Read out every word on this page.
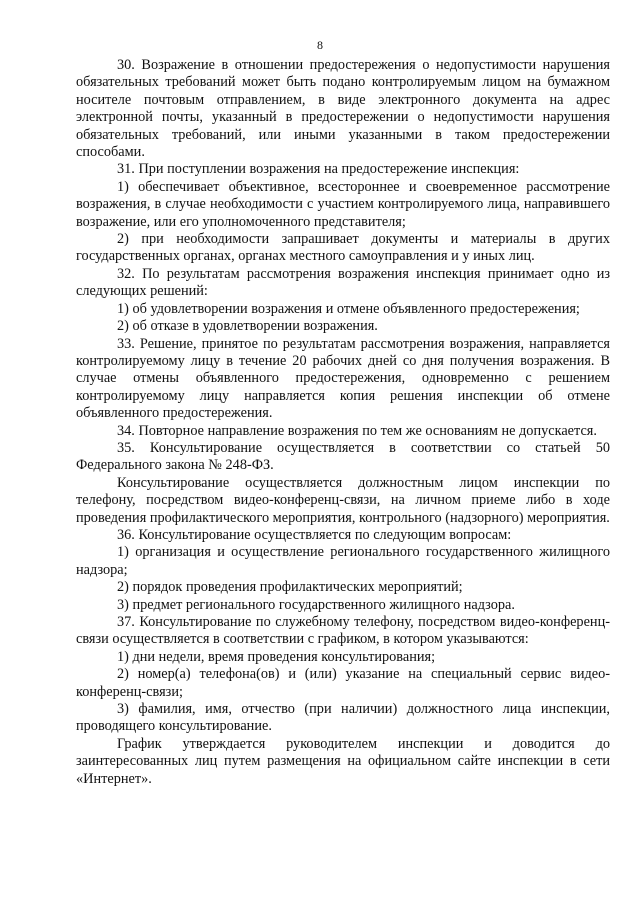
8

30. Возражение в отношении предостережения о недопустимости нарушения обязательных требований может быть подано контролируемым лицом на бумажном носителе почтовым отправлением, в виде электронного документа на адрес электронной почты, указанный в предостережении о недопустимости нарушения обязательных требований, или иными указанными в таком предостережении способами.

31. При поступлении возражения на предостережение инспекция:

1) обеспечивает объективное, всестороннее и своевременное рассмотрение возражения, в случае необходимости с участием контролируемого лица, направившего возражение, или его уполномоченного представителя;

2) при необходимости запрашивает документы и материалы в других государственных органах, органах местного самоуправления и у иных лиц.

32. По результатам рассмотрения возражения инспекция принимает одно из следующих решений:

1) об удовлетворении возражения и отмене объявленного предостережения;

2) об отказе в удовлетворении возражения.

33. Решение, принятое по результатам рассмотрения возражения, направляется контролируемому лицу в течение 20 рабочих дней со дня получения возражения. В случае отмены объявленного предостережения, одновременно с решением контролируемому лицу направляется копия решения инспекции об отмене объявленного предостережения.

34. Повторное направление возражения по тем же основаниям не допускается.

35. Консультирование осуществляется в соответствии со статьей 50 Федерального закона № 248-ФЗ.

Консультирование осуществляется должностным лицом инспекции по телефону, посредством видео-конференц-связи, на личном приеме либо в ходе проведения профилактического мероприятия, контрольного (надзорного) мероприятия.

36. Консультирование осуществляется по следующим вопросам:

1) организация и осуществление регионального государственного жилищного надзора;

2) порядок проведения профилактических мероприятий;

3) предмет регионального государственного жилищного надзора.

37. Консультирование по служебному телефону, посредством видео-конференц-связи осуществляется в соответствии с графиком, в котором указываются:

1) дни недели, время проведения консультирования;

2) номер(а) телефона(ов) и (или) указание на специальный сервис видео-конференц-связи;

3) фамилия, имя, отчество (при наличии) должностного лица инспекции, проводящего консультирование.

График утверждается руководителем инспекции и доводится до заинтересованных лиц путем размещения на официальном сайте инспекции в сети «Интернет».
